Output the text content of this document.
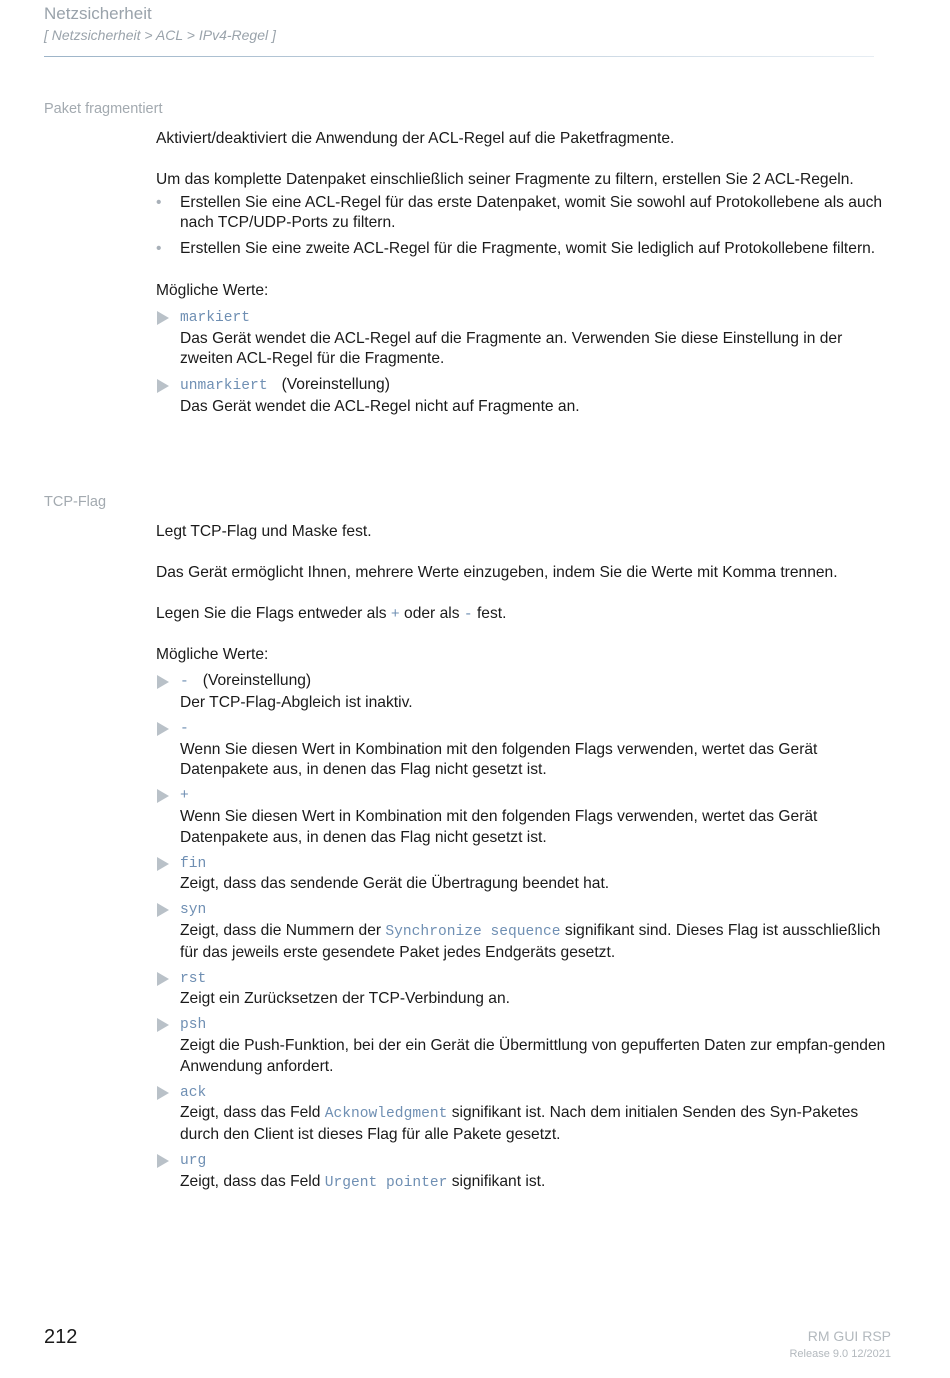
Netzsicherheit
[ Netzsicherheit > ACL > IPv4-Regel ]
Paket fragmentiert

Aktiviert/deaktiviert die Anwendung der ACL-Regel auf die Paketfragmente.

Um das komplette Datenpaket einschließlich seiner Fragmente zu filtern, erstellen Sie 2 ACL-Regeln.

• Erstellen Sie eine ACL-Regel für das erste Datenpaket, womit Sie sowohl auf Protokollebene als auch nach TCP/UDP-Ports zu filtern.
• Erstellen Sie eine zweite ACL-Regel für die Fragmente, womit Sie lediglich auf Protokollebene filtern.

Mögliche Werte:

markiert
Das Gerät wendet die ACL-Regel auf die Fragmente an. Verwenden Sie diese Einstellung in der zweiten ACL-Regel für die Fragmente.
unmarkiert (Voreinstellung)
Das Gerät wendet die ACL-Regel nicht auf Fragmente an.
TCP-Flag

Legt TCP-Flag und Maske fest.

Das Gerät ermöglicht Ihnen, mehrere Werte einzugeben, indem Sie die Werte mit Komma trennen.

Legen Sie die Flags entweder als + oder als - fest.

Mögliche Werte:

- (Voreinstellung)
Der TCP-Flag-Abgleich ist inaktiv.
-
Wenn Sie diesen Wert in Kombination mit den folgenden Flags verwenden, wertet das Gerät Datenpakete aus, in denen das Flag nicht gesetzt ist.
+
Wenn Sie diesen Wert in Kombination mit den folgenden Flags verwenden, wertet das Gerät Datenpakete aus, in denen das Flag nicht gesetzt ist.
fin
Zeigt, dass das sendende Gerät die Übertragung beendet hat.
syn
Zeigt, dass die Nummern der Synchronize sequence signifikant sind. Dieses Flag ist ausschließlich für das jeweils erste gesendete Paket jedes Endgeräts gesetzt.
rst
Zeigt ein Zurücksetzen der TCP-Verbindung an.
psh
Zeigt die Push-Funktion, bei der ein Gerät die Übermittlung von gepufferten Daten zur empfan-genden Anwendung anfordert.
ack
Zeigt, dass das Feld Acknowledgment signifikant ist. Nach dem initialen Senden des Syn-Paketes durch den Client ist dieses Flag für alle Pakete gesetzt.
urg
Zeigt, dass das Feld Urgent pointer signifikant ist.
212	RM GUI RSP
Release 9.0 12/2021
